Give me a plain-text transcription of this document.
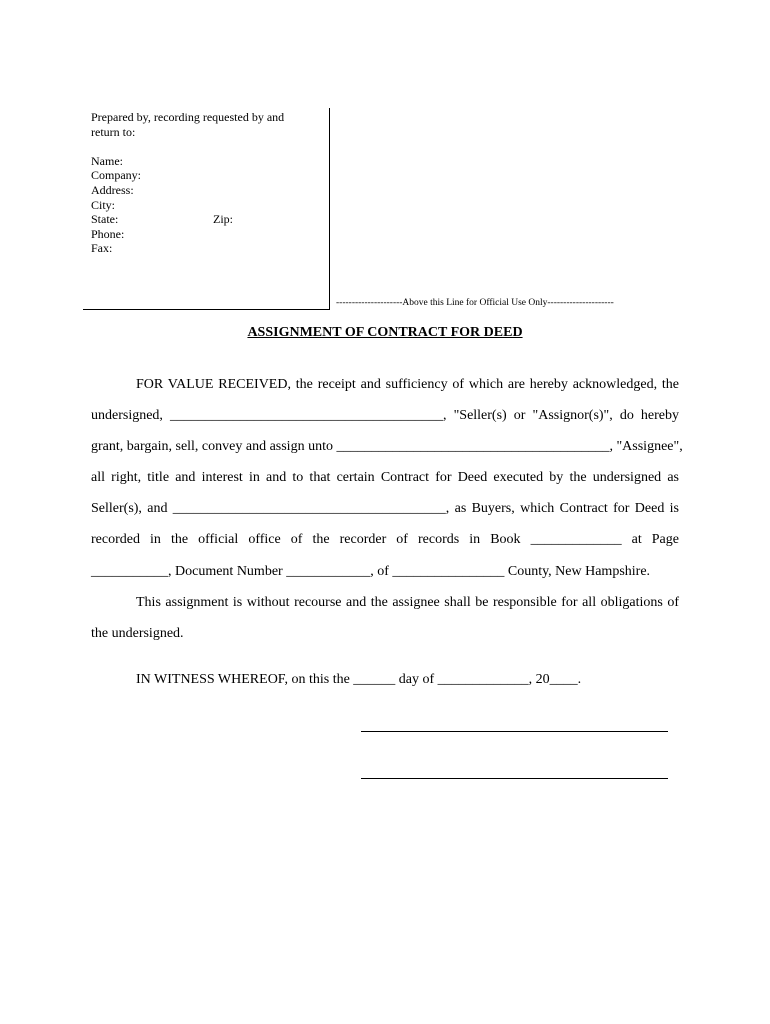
Prepared by, recording requested by and
return to:
Name:
Company:
Address:
City:
State:	Zip:
Phone:
Fax:
---------------------Above this Line for Official Use Only---------------------
ASSIGNMENT OF CONTRACT FOR DEED
FOR VALUE RECEIVED, the receipt and sufficiency of which are hereby acknowledged, the
undersigned, _______________________________________, "Seller(s) or "Assignor(s)", do hereby
grant, bargain, sell, convey and assign unto _______________________________________, "Assignee",
all right, title and interest in and to that certain Contract for Deed executed by the undersigned as
Seller(s), and _______________________________________, as Buyers, which Contract for Deed is
recorded in the official office of the recorder of records in Book _____________ at Page
___________, Document Number ____________, of ________________ County, New Hampshire.
This assignment is without recourse and the assignee shall be responsible for all obligations of
the undersigned.
IN WITNESS WHEREOF, on this the ______ day of _____________, 20____.
